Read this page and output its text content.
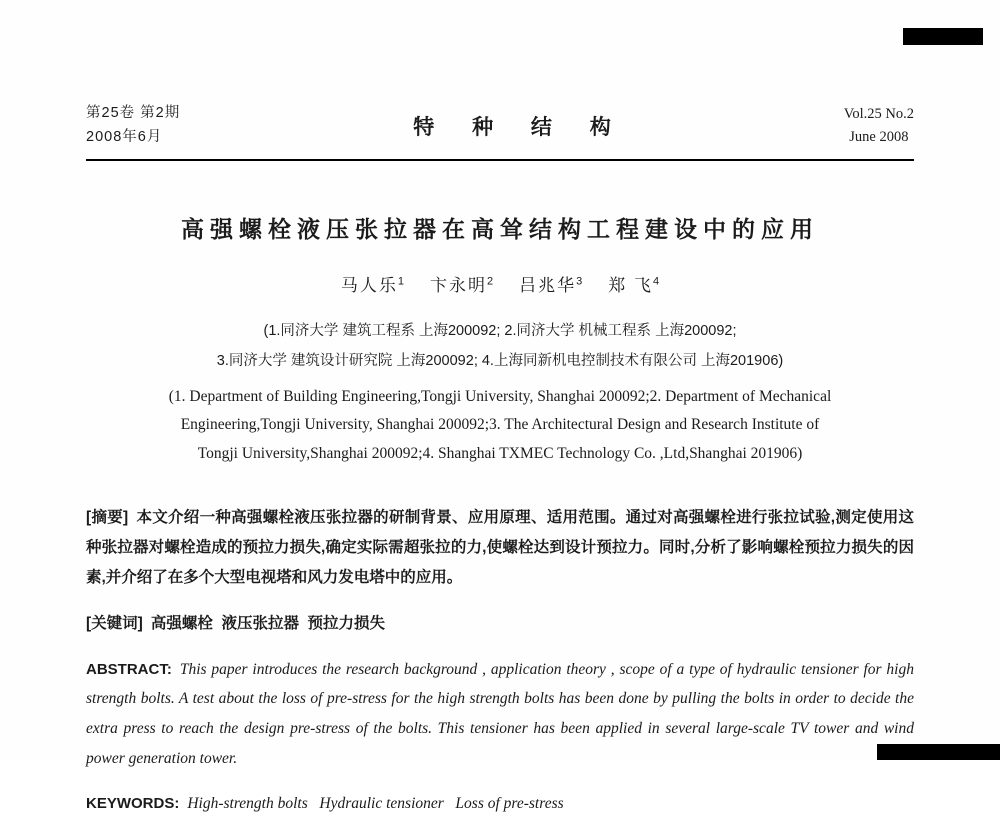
第25卷 第2期
2008年6月	特 种 结 构
Vol.25 No.2
June 2008
高强螺栓液压张拉器在高耸结构工程建设中的应用
马人乐$^1$ 卞永明$^2$ 吕兆华$^3$ 郑 飞$^4$
(1.同济大学 建筑工程系 上海200092; 2.同济大学 机械工程系 上海200092;
3.同济大学 建筑设计研究院 上海200092; 4.上海同新机电控制技术有限公司 上海201906)
(1. Department of Building Engineering,Tongji University, Shanghai 200092;2. Department of Mechanical
Engineering,Tongji University, Shanghai 200092;3. The Architectural Design and Research Institute of
Tongji University,Shanghai 200092;4. Shanghai TXMEC Technology Co. ,Ltd,Shanghai 201906)

[摘要] 本文介绍一种高强螺栓液压张拉器的研制背景、应用原理、适用范围。通过对高强螺栓进行张拉试验,测定使用这种张拉器对螺栓造成的预拉力损失,确定实际需超张拉的力,使螺栓达到设计预拉力。同时,分析了影响螺栓预拉力损失的因素,并介绍了在多个大型电视塔和风力发电塔中的应用。

[关键词] 高强螺栓  液压张拉器  预拉力损失

ABSTRACT: This paper introduces the research background , application theory , scope of a type of hydraulic tensioner for high strength bolts. A test about the loss of pre-stress for the high strength bolts has been done by pulling the bolts in order to decide the extra press to reach the design pre-stress of the bolts. This tensioner has been applied in several large-scale TV tower and wind power generation tower.

KEYWORDS: High-strength bolts   Hydraulic tensioner   Loss of pre-stress
